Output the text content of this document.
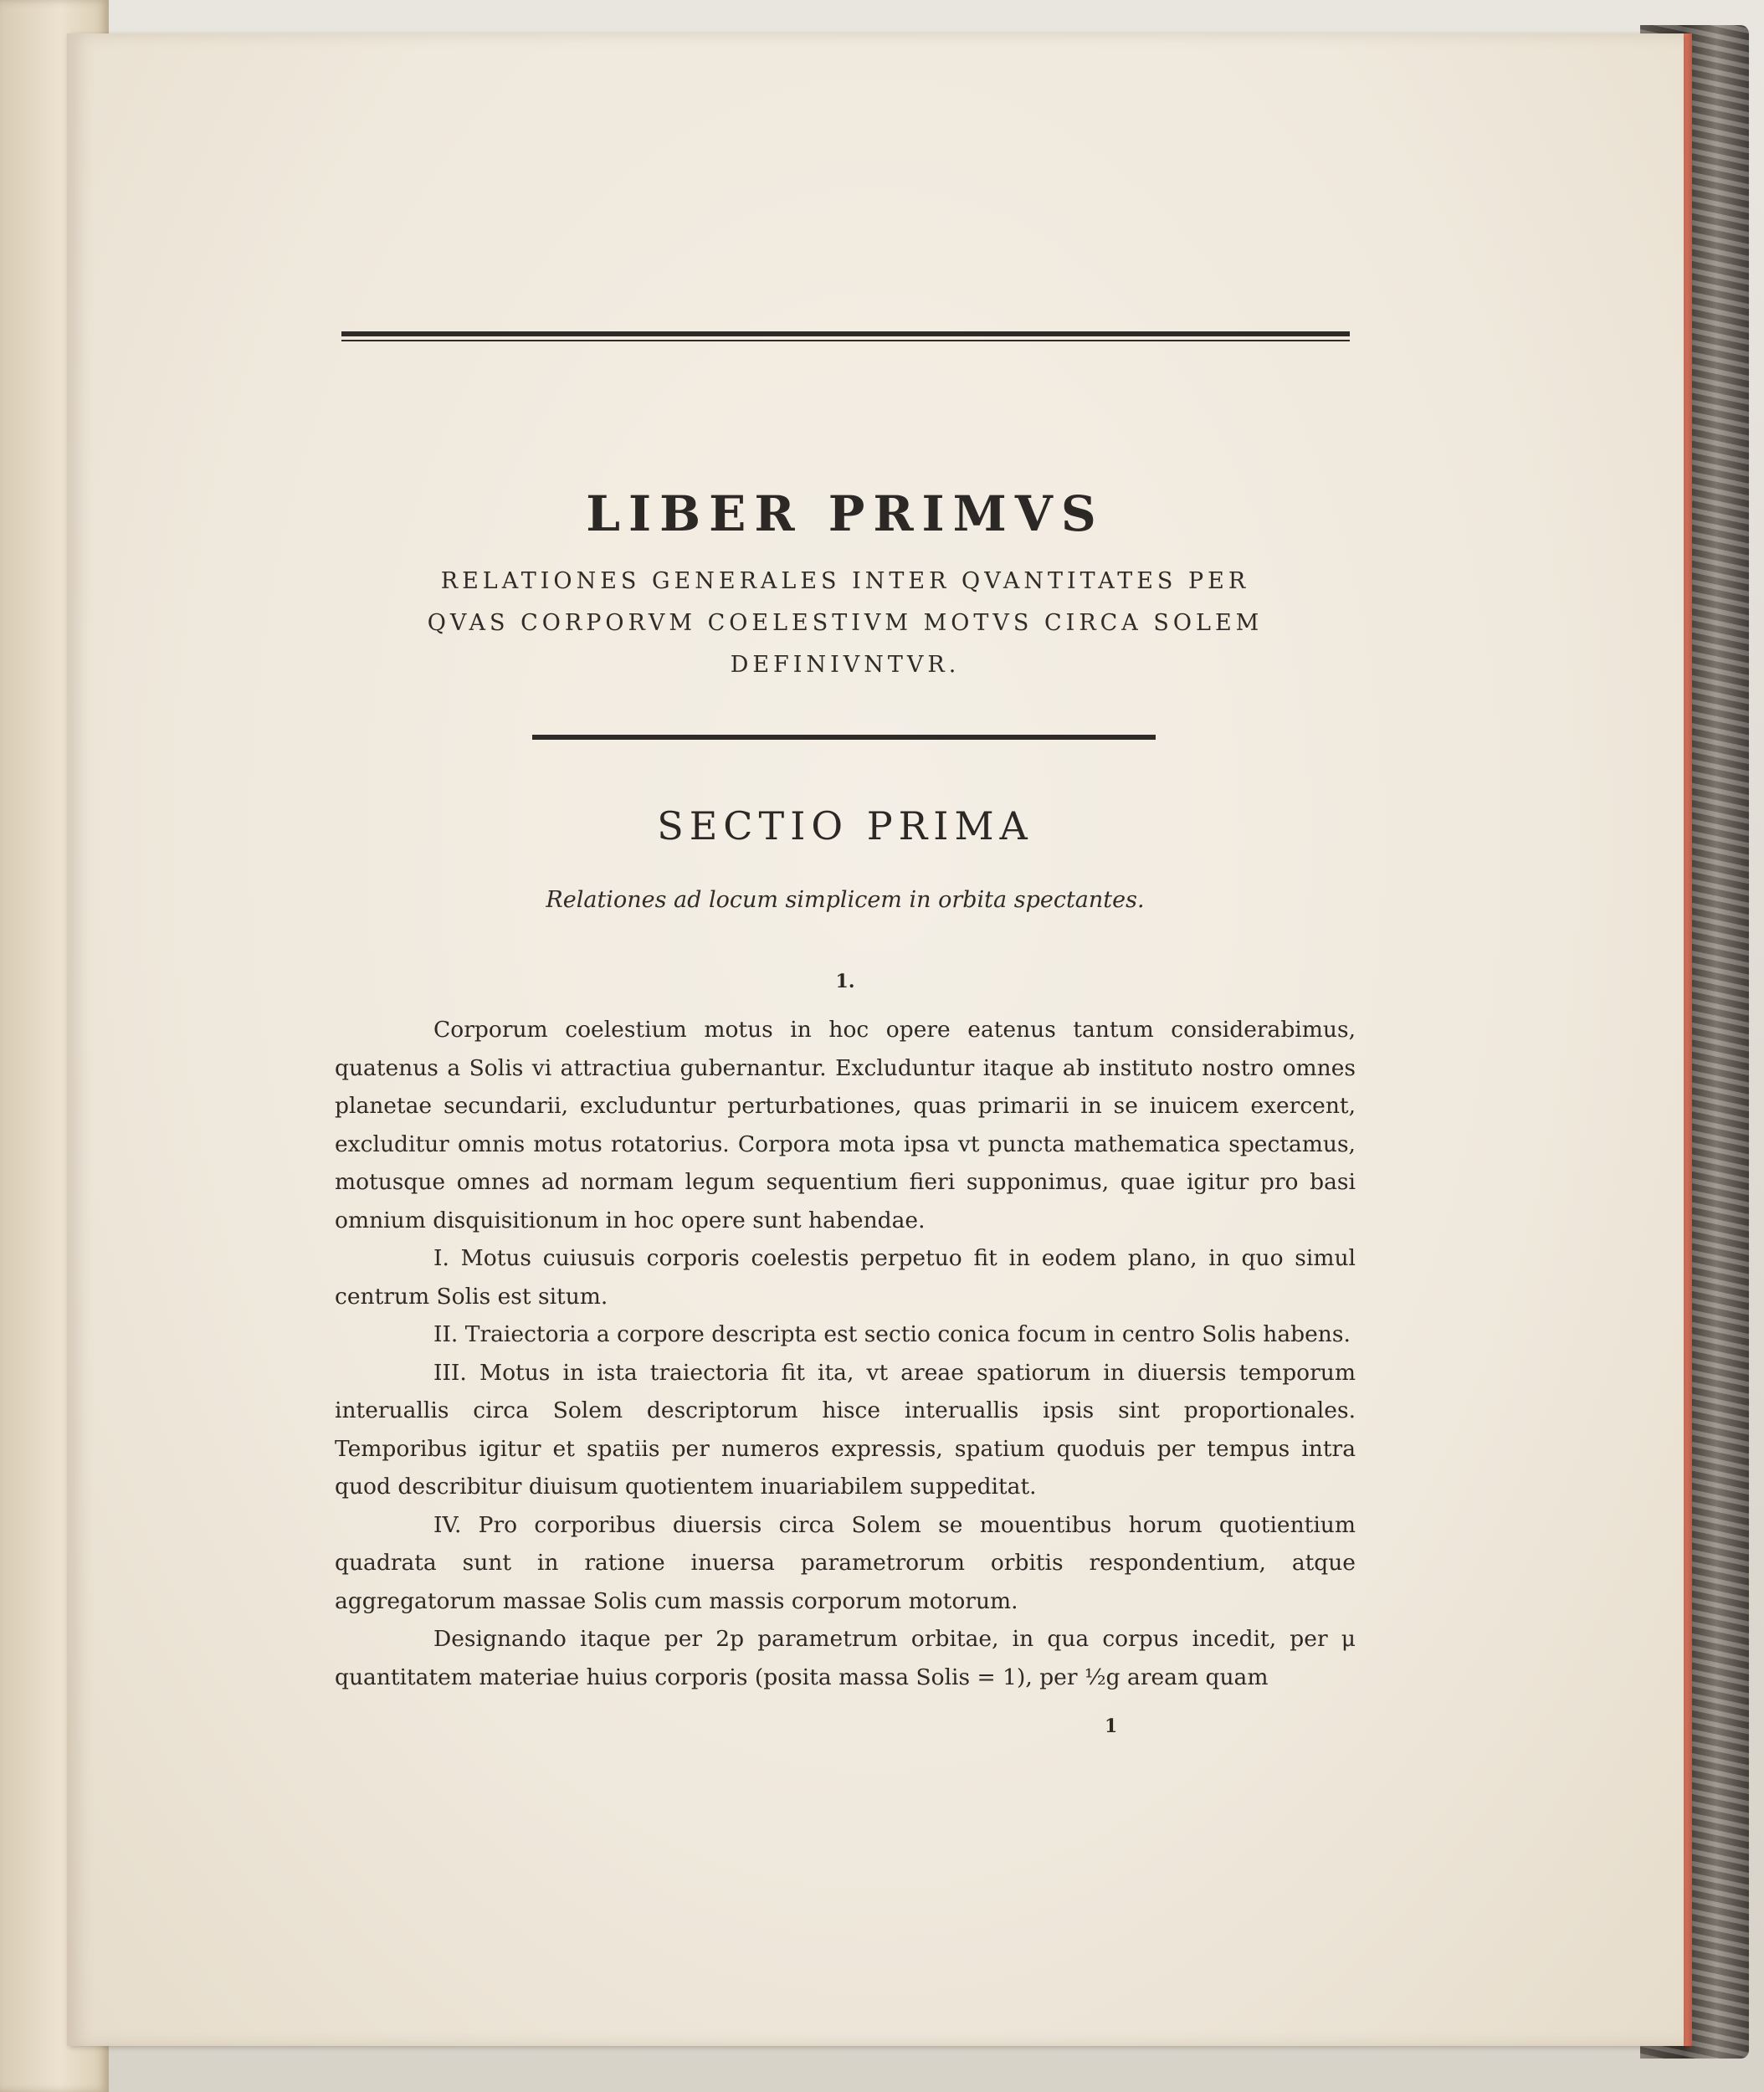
LIBER PRIMVS
RELATIONES GENERALES INTER QVANTITATES PER
QVAS CORPORVM COELESTIVM MOTVS CIRCA SOLEM
DEFINIVNTVR.
SECTIO PRIMA
Relationes ad locum simplicem in orbita spectantes.
1.

Corporum coelestium motus in hoc opere eatenus tantum considerabimus, quatenus a Solis vi attractiua gubernantur. Excluduntur itaque ab instituto nostro omnes planetae secundarii, excluduntur perturbationes, quas primarii in se inuicem exercent, excluditur omnis motus rotatorius. Corpora mota ipsa vt puncta mathematica spectamus, motusque omnes ad normam legum sequentium fieri supponimus, quae igitur pro basi omnium disquisitionum in hoc opere sunt habendae.

I. Motus cuiusuis corporis coelestis perpetuo fit in eodem plano, in quo simul centrum Solis est situm.

II. Traiectoria a corpore descripta est sectio conica focum in centro Solis habens.

III. Motus in ista traiectoria fit ita, vt areae spatiorum in diuersis temporum interuallis circa Solem descriptorum hisce interuallis ipsis sint proportionales. Temporibus igitur et spatiis per numeros expressis, spatium quoduis per tempus intra quod describitur diuisum quotientem inuariabilem suppeditat.

IV. Pro corporibus diuersis circa Solem se mouentibus horum quotientium quadrata sunt in ratione inuersa parametrorum orbitis respondentium, atque aggregatorum massae Solis cum massis corporum motorum.

Designando itaque per 2p parametrum orbitae, in qua corpus incedit, per μ quantitatem materiae huius corporis (posita massa Solis = 1), per ½g aream quam

1
